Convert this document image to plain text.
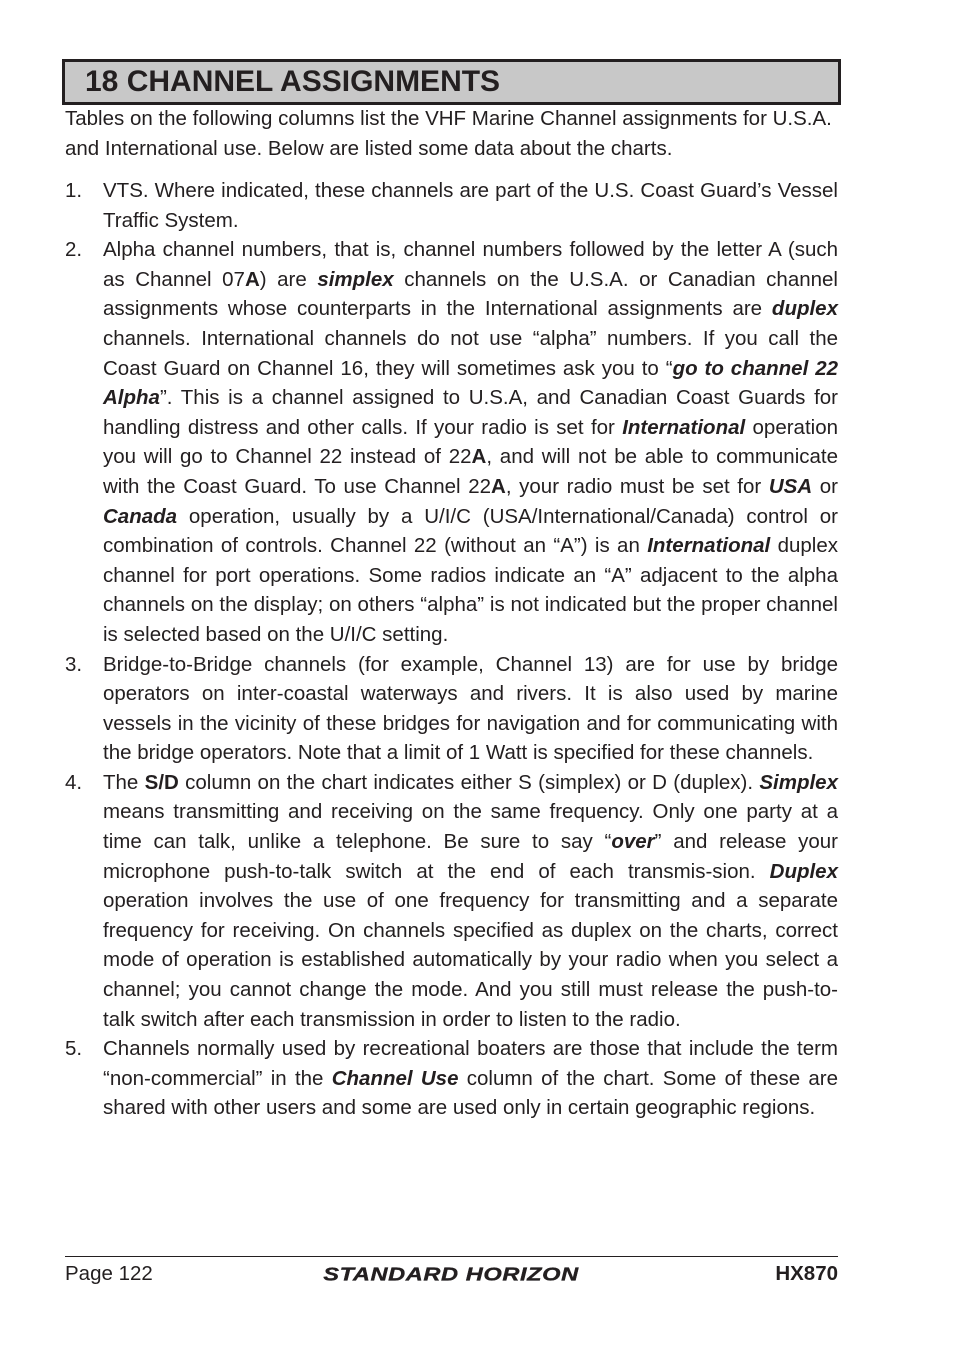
18 CHANNEL ASSIGNMENTS

Tables on the following columns list the VHF Marine Channel assignments for U.S.A. and International use. Below are listed some data about the charts.

1. VTS. Where indicated, these channels are part of the U.S. Coast Guard’s Vessel Traffic System.
2. Alpha channel numbers, that is, channel numbers followed by the letter A (such as Channel 07A) are simplex channels on the U.S.A. or Canadian channel assignments whose counterparts in the International assignments are duplex channels. International channels do not use “alpha” numbers. If you call the Coast Guard on Channel 16, they will sometimes ask you to “go to channel 22 Alpha”. This is a channel assigned to U.S.A, and Canadian Coast Guards for handling distress and other calls. If your radio is set for International operation you will go to Channel 22 instead of 22A, and will not be able to communicate with the Coast Guard. To use Channel 22A, your radio must be set for USA or Canada operation, usually by a U/I/C (USA/International/Canada) control or combination of controls. Channel 22 (without an “A”) is an International duplex channel for port operations. Some radios indicate an “A” adjacent to the alpha channels on the display; on others “alpha” is not indicated but the proper channel is selected based on the U/I/C setting.
3. Bridge-to-Bridge channels (for example, Channel 13) are for use by bridge operators on inter-coastal waterways and rivers. It is also used by marine vessels in the vicinity of these bridges for navigation and for communicating with the bridge operators. Note that a limit of 1 Watt is specified for these channels.
4. The S/D column on the chart indicates either S (simplex) or D (duplex). Simplex means transmitting and receiving on the same frequency. Only one party at a time can talk, unlike a telephone. Be sure to say “over” and release your microphone push-to-talk switch at the end of each transmis-sion. Duplex operation involves the use of one frequency for transmitting and a separate frequency for receiving. On channels specified as duplex on the charts, correct mode of operation is established automatically by your radio when you select a channel; you cannot change the mode. And you still must release the push-to-talk switch after each transmission in order to listen to the radio.
5. Channels normally used by recreational boaters are those that include the term “non-commercial” in the Channel Use column of the chart. Some of these are shared with other users and some are used only in certain geographic regions.
Page 122	STANDARD HORIZON	HX870
